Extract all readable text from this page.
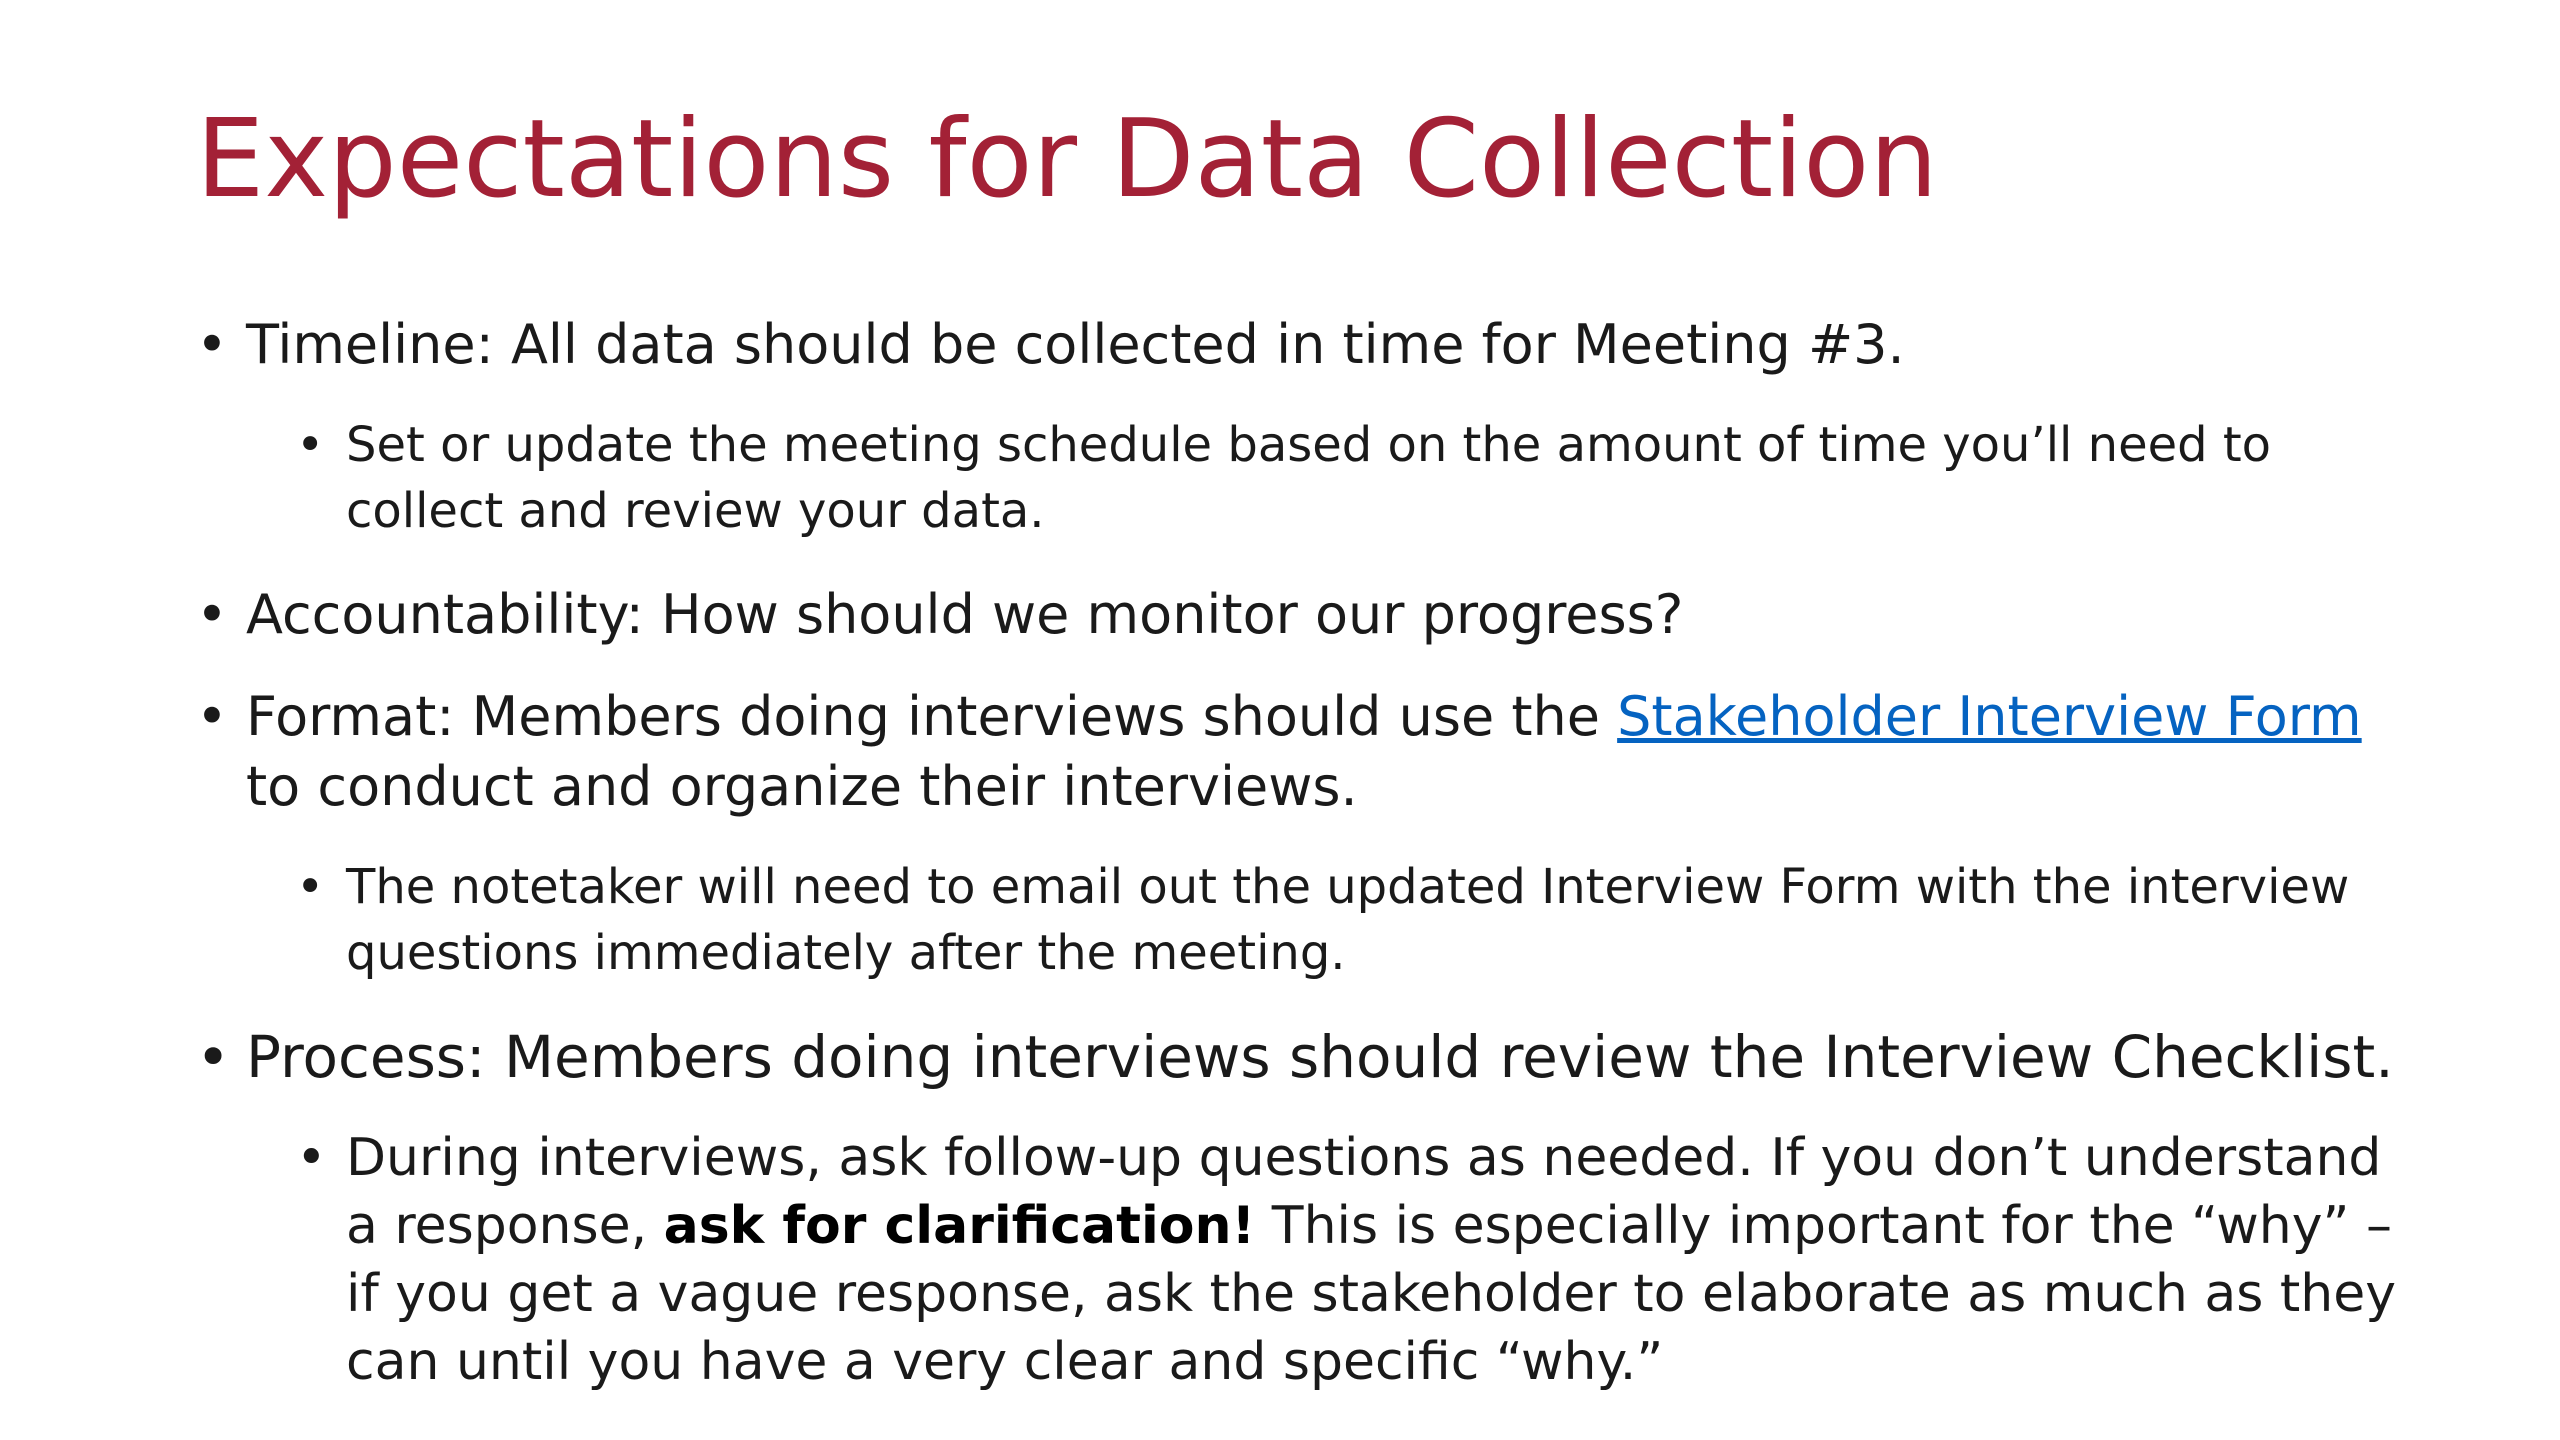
Expectations for Data Collection
• Timeline: All data should be collected in time for Meeting #3.
• Set or update the meeting schedule based on the amount of time you’ll need to collect and review your data.
• Accountability: How should we monitor our progress?
• Format: Members doing interviews should use the Stakeholder Interview Form to conduct and organize their interviews.
• The notetaker will need to email out the updated Interview Form with the interview questions immediately after the meeting.
• Process: Members doing interviews should review the Interview Checklist.
• During interviews, ask follow-up questions as needed. If you don’t understand a response, ask for clarification! This is especially important for the “why” – if you get a vague response, ask the stakeholder to elaborate as much as they can until you have a very clear and specific “why.”
